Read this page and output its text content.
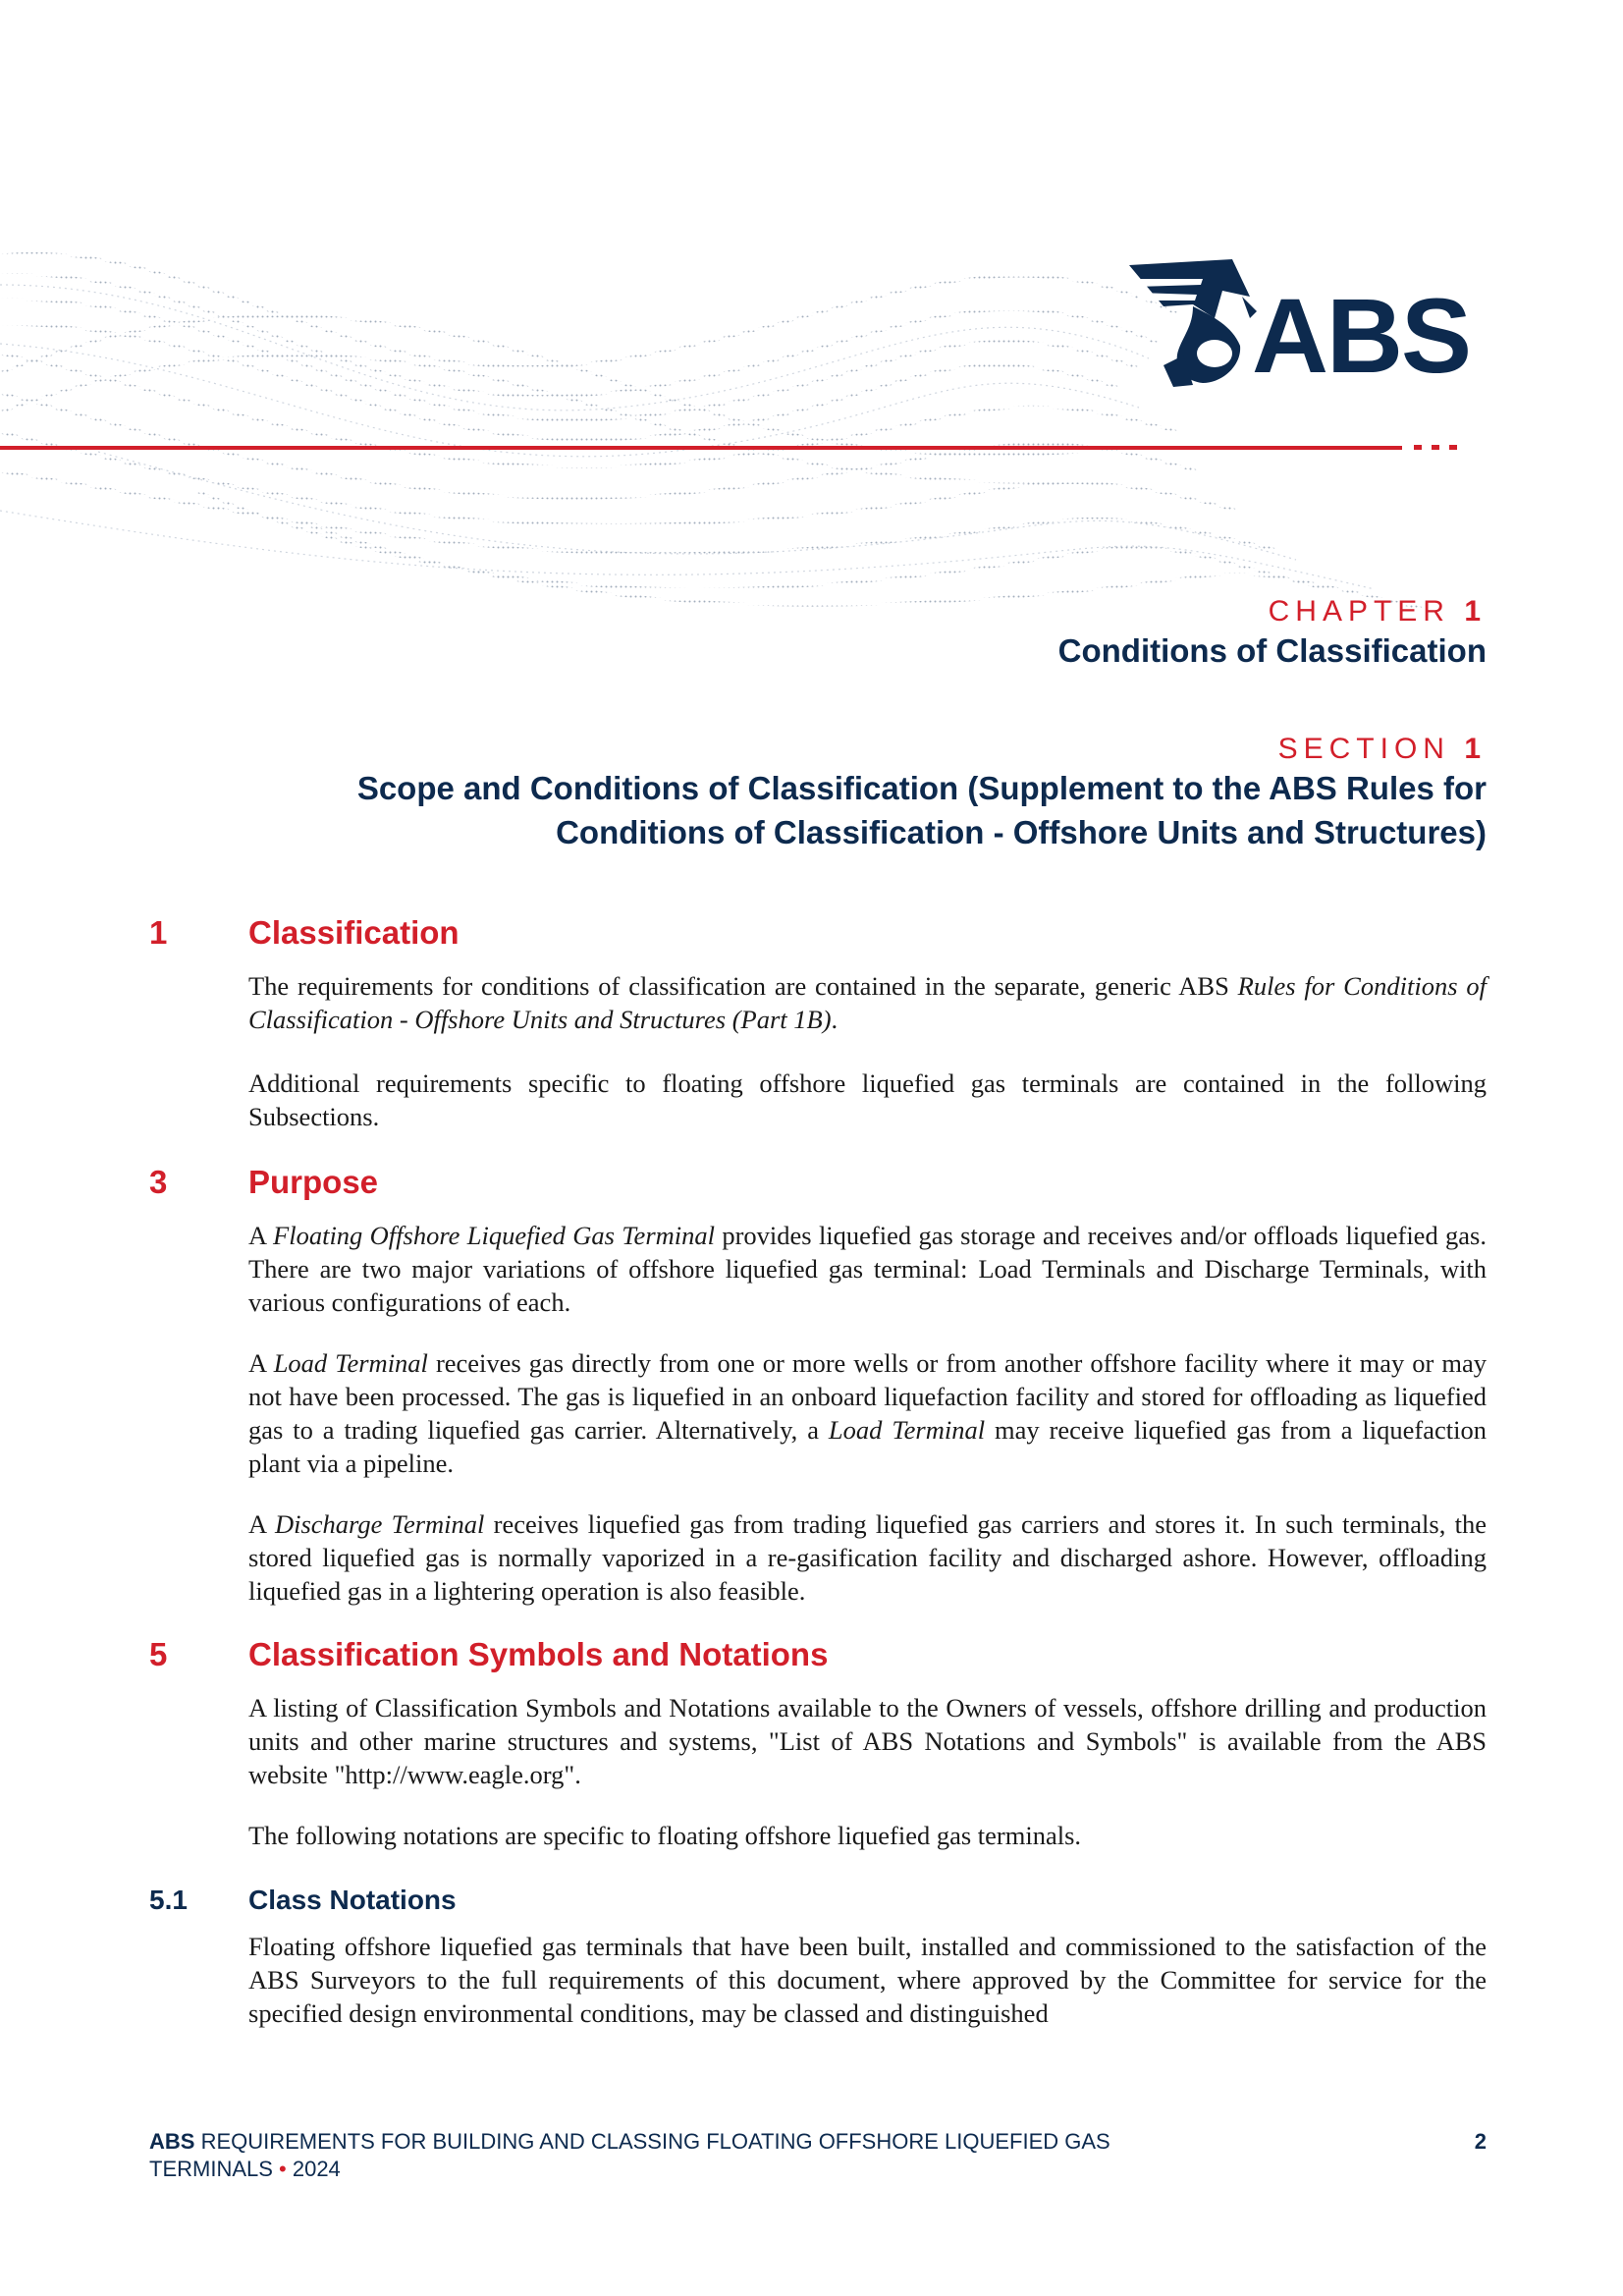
ABS
CHAPTER 1
Conditions of Classification
SECTION 1
Scope and Conditions of Classification (Supplement to the ABS Rules for
Conditions of Classification - Offshore Units and Structures)
1	Classification

The requirements for conditions of classification are contained in the separate, generic ABS Rules for Conditions of Classification - Offshore Units and Structures (Part 1B).

Additional requirements specific to floating offshore liquefied gas terminals are contained in the following Subsections.

3	Purpose

A Floating Offshore Liquefied Gas Terminal provides liquefied gas storage and receives and/or offloads liquefied gas. There are two major variations of offshore liquefied gas terminal: Load Terminals and Discharge Terminals, with various configurations of each.

A Load Terminal receives gas directly from one or more wells or from another offshore facility where it may or may not have been processed. The gas is liquefied in an onboard liquefaction facility and stored for offloading as liquefied gas to a trading liquefied gas carrier. Alternatively, a Load Terminal may receive liquefied gas from a liquefaction plant via a pipeline.

A Discharge Terminal receives liquefied gas from trading liquefied gas carriers and stores it. In such terminals, the stored liquefied gas is normally vaporized in a re-gasification facility and discharged ashore. However, offloading liquefied gas in a lightering operation is also feasible.

5	Classification Symbols and Notations

A listing of Classification Symbols and Notations available to the Owners of vessels, offshore drilling and production units and other marine structures and systems, "List of ABS Notations and Symbols" is available from the ABS website "http://www.eagle.org".

The following notations are specific to floating offshore liquefied gas terminals.

5.1 Class Notations

Floating offshore liquefied gas terminals that have been built, installed and commissioned to the satisfaction of the ABS Surveyors to the full requirements of this document, where approved by the Committee for service for the specified design environmental conditions, may be classed and distinguished

ABS REQUIREMENTS FOR BUILDING AND CLASSING FLOATING OFFSHORE LIQUEFIED GAS
TERMINALS • 2024
2
